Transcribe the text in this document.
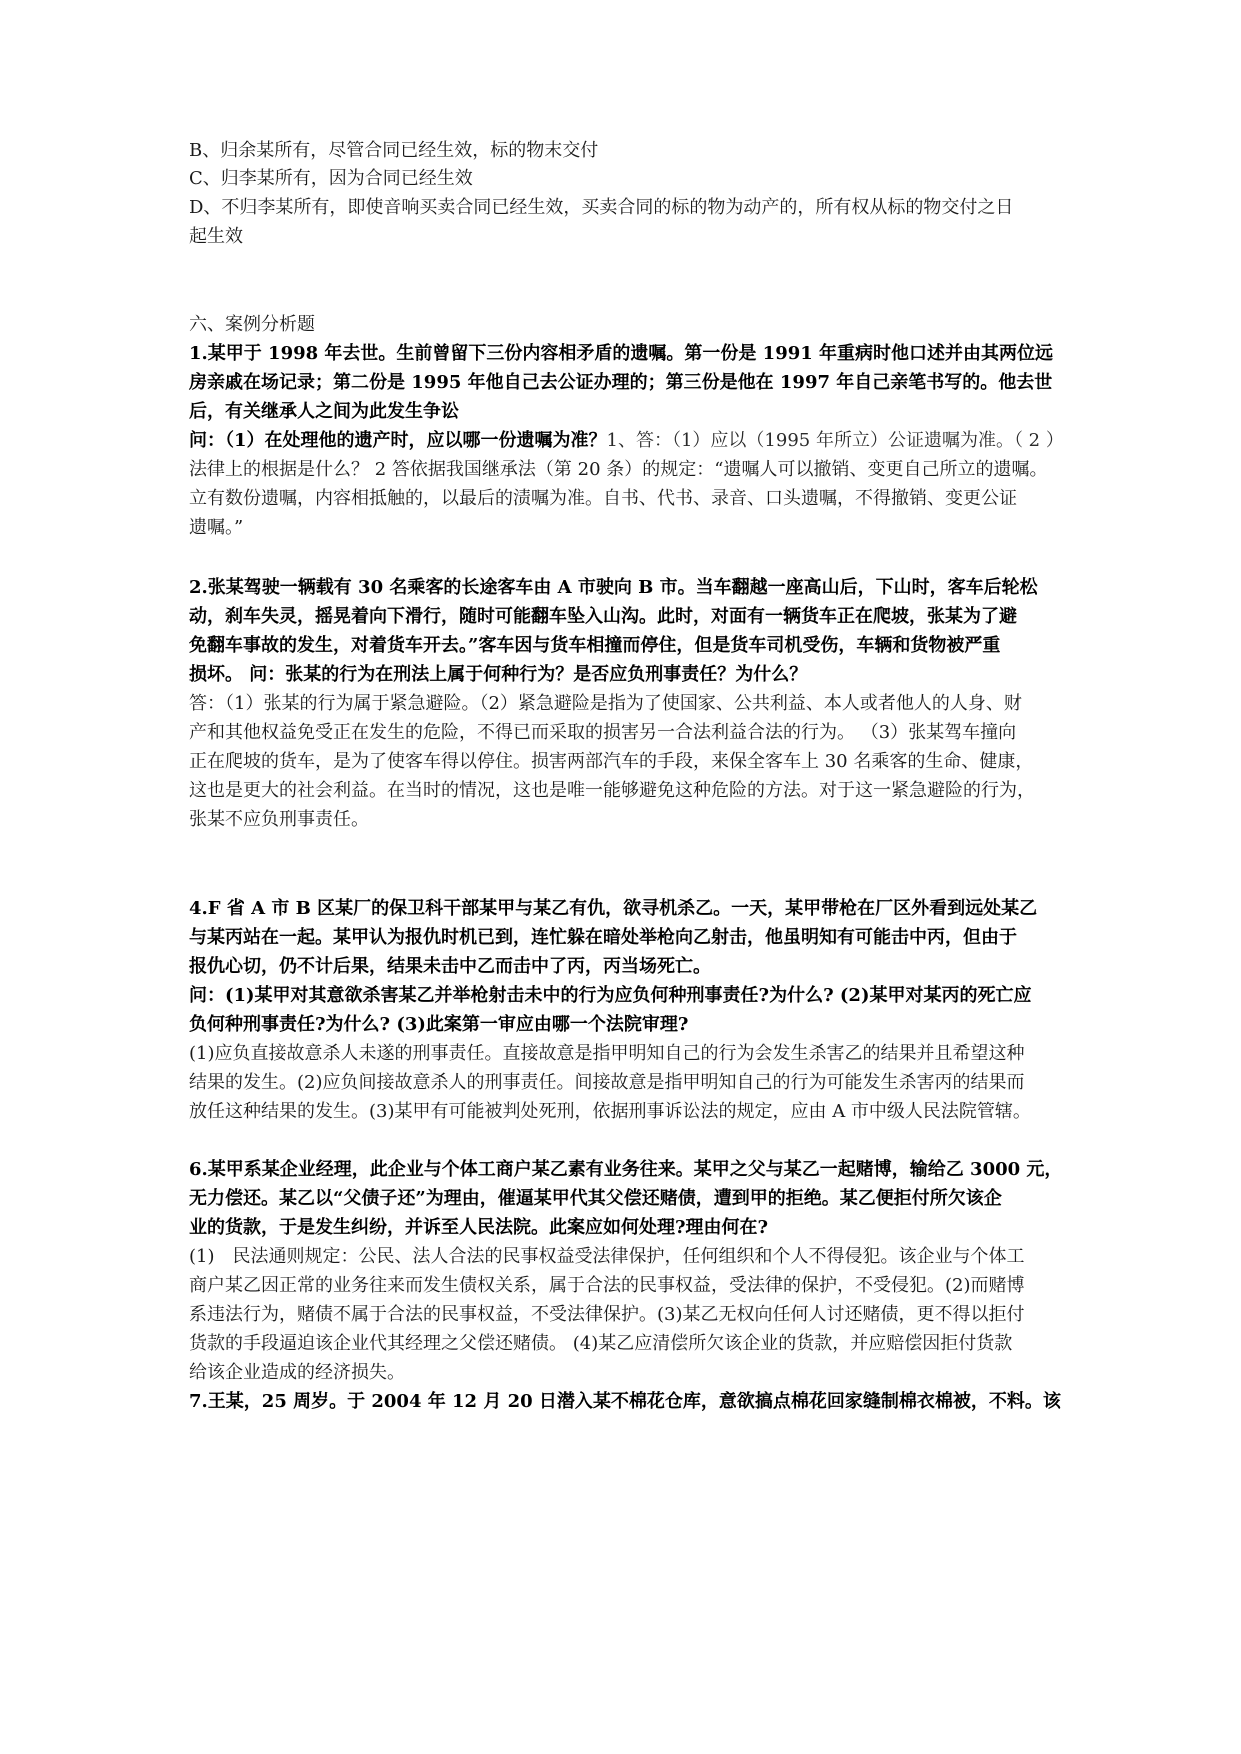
B、归余某所有，尽管合同已经生效，标的物末交付
C、归李某所有，因为合同已经生效
D、不归李某所有，即使音响买卖合同已经生效，买卖合同的标的物为动产的，所有权从标的物交付之日
起生效
六、案例分析题
1.某甲于 1998 年去世。生前曾留下三份内容相矛盾的遗嘱。第一份是 1991 年重病时他口述并由其两位远
房亲戚在场记录；第二份是 1995 年他自己去公证办理的；第三份是他在 1997 年自己亲笔书写的。他去世
后，有关继承人之间为此发生争讼
问：（1）在处理他的遗产时，应以哪一份遗嘱为准？1、答：（1）应以（1995 年所立）公证遗嘱为准。（ 2 ）
法律上的根据是什么？ 2 答依据我国继承法（第 20 条）的规定：“遗嘱人可以撤销、变更自己所立的遗嘱。
立有数份遗嘱，内容相抵触的，以最后的渍嘱为准。自书、代书、录音、口头遗嘱，不得撤销、变更公证
遗嘱。”
2.张某驾驶一辆载有 30 名乘客的长途客车由 A 市驶向 B 市。当车翻越一座高山后，下山时，客车后轮松
动，刹车失灵，摇晃着向下滑行，随时可能翻车坠入山沟。此时，对面有一辆货车正在爬坡，张某为了避
免翻车事故的发生，对着货车开去。”客车因与货车相撞而停住，但是货车司机受伤，车辆和货物被严重
损坏。 问：张某的行为在刑法上属于何种行为？是否应负刑事责任？为什么？
答：（1）张某的行为属于紧急避险。（2）紧急避险是指为了使国家、公共利益、本人或者他人的人身、财
产和其他权益免受正在发生的危险，不得已而采取的损害另一合法利益合法的行为。 （3）张某驾车撞向
正在爬坡的货车，是为了使客车得以停住。损害两部汽车的手段，来保全客车上 30 名乘客的生命、健康，
这也是更大的社会利益。在当时的情况，这也是唯一能够避免这种危险的方法。对于这一紧急避险的行为，
张某不应负刑事责任。
4.F 省 A 市 B 区某厂的保卫科干部某甲与某乙有仇，欲寻机杀乙。一天，某甲带枪在厂区外看到远处某乙
与某丙站在一起。某甲认为报仇时机已到，连忙躲在暗处举枪向乙射击，他虽明知有可能击中丙，但由于
报仇心切，仍不计后果，结果未击中乙而击中了丙，丙当场死亡。
问：(1)某甲对其意欲杀害某乙并举枪射击未中的行为应负何种刑事责任?为什么? (2)某甲对某丙的死亡应
负何种刑事责任?为什么? (3)此案第一审应由哪一个法院审理?
(1)应负直接故意杀人未遂的刑事责任。直接故意是指甲明知自己的行为会发生杀害乙的结果并且希望这种
结果的发生。(2)应负间接故意杀人的刑事责任。间接故意是指甲明知自己的行为可能发生杀害丙的结果而
放任这种结果的发生。(3)某甲有可能被判处死刑，依据刑事诉讼法的规定，应由 A 市中级人民法院管辖。
6.某甲系某企业经理，此企业与个体工商户某乙素有业务往来。某甲之父与某乙一起赌博，输给乙 3000 元，
无力偿还。某乙以“父债子还”为理由，催逼某甲代其父偿还赌债，遭到甲的拒绝。某乙便拒付所欠该企
业的货款，于是发生纠纷，并诉至人民法院。此案应如何处理?理由何在?
(1)　民法通则规定：公民、法人合法的民事权益受法律保护，任何组织和个人不得侵犯。该企业与个体工
商户某乙因正常的业务往来而发生债权关系，属于合法的民事权益，受法律的保护，不受侵犯。(2)而赌博
系违法行为，赌债不属于合法的民事权益，不受法律保护。(3)某乙无权向任何人讨还赌债，更不得以拒付
货款的手段逼迫该企业代其经理之父偿还赌债。 (4)某乙应清偿所欠该企业的货款，并应赔偿因拒付货款
给该企业造成的经济损失。
7.王某，25 周岁。于 2004 年 12 月 20 日潜入某不棉花仓库，意欲搞点棉花回家缝制棉衣棉被，不料。该
